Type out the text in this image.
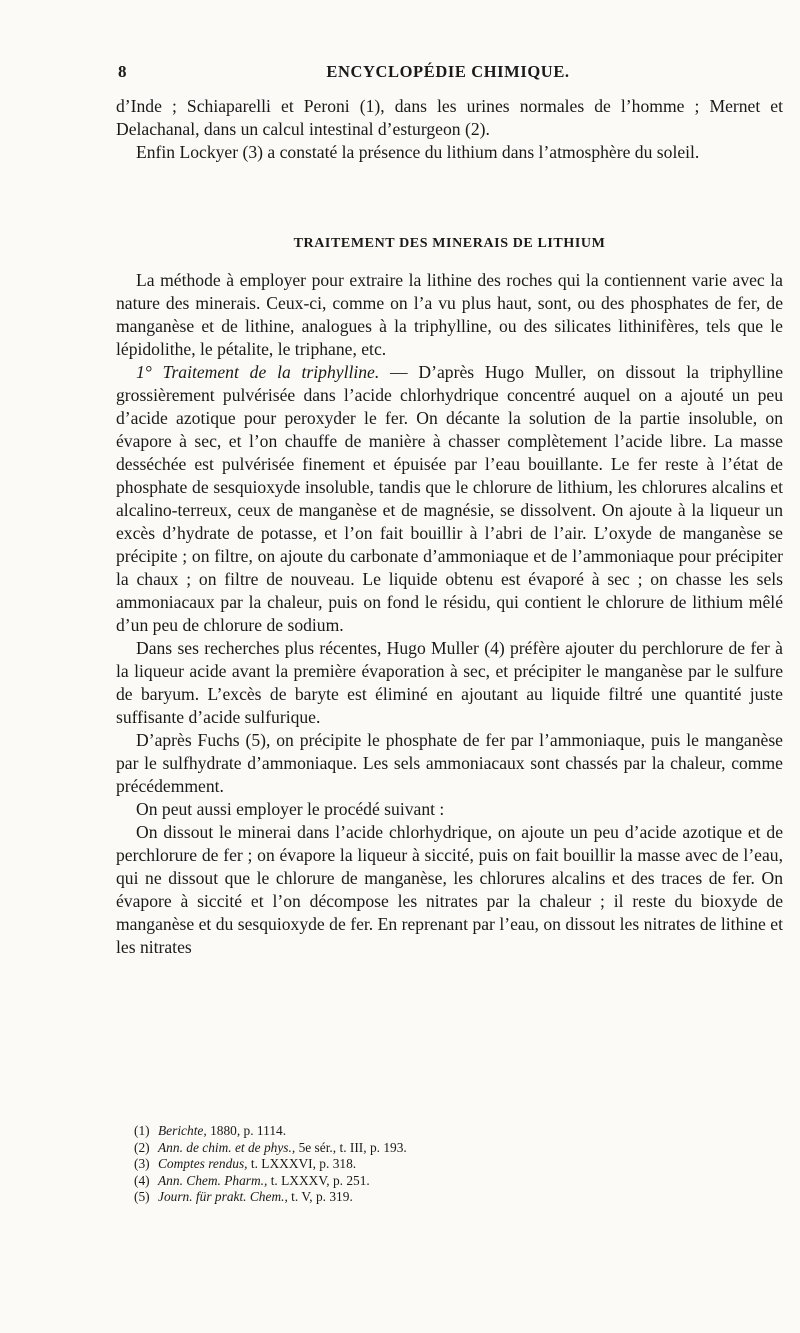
8	ENCYCLOPÉDIE CHIMIQUE.

d’Inde ; Schiaparelli et Peroni (1), dans les urines normales de l’homme ; Mernet et Delachanal, dans un calcul intestinal d’esturgeon (2).

Enfin Lockyer (3) a constaté la présence du lithium dans l’atmosphère du soleil.

TRAITEMENT DES MINERAIS DE LITHIUM

La méthode à employer pour extraire la lithine des roches qui la contiennent varie avec la nature des minerais. Ceux-ci, comme on l’a vu plus haut, sont, ou des phosphates de fer, de manganèse et de lithine, analogues à la triphylline, ou des silicates lithinifères, tels que le lépidolithe, le pétalite, le triphane, etc.

1° Traitement de la triphylline. — D’après Hugo Muller, on dissout la triphylline grossièrement pulvérisée dans l’acide chlorhydrique concentré auquel on a ajouté un peu d’acide azotique pour peroxyder le fer. On décante la solution de la partie insoluble, on évapore à sec, et l’on chauffe de manière à chasser complètement l’acide libre. La masse desséchée est pulvérisée finement et épuisée par l’eau bouillante. Le fer reste à l’état de phosphate de sesquioxyde insoluble, tandis que le chlorure de lithium, les chlorures alcalins et alcalino-terreux, ceux de manganèse et de magnésie, se dissolvent. On ajoute à la liqueur un excès d’hydrate de potasse, et l’on fait bouillir à l’abri de l’air. L’oxyde de manganèse se précipite ; on filtre, on ajoute du carbonate d’ammoniaque et de l’ammoniaque pour précipiter la chaux ; on filtre de nouveau. Le liquide obtenu est évaporé à sec ; on chasse les sels ammoniacaux par la chaleur, puis on fond le résidu, qui contient le chlorure de lithium mêlé d’un peu de chlorure de sodium.

Dans ses recherches plus récentes, Hugo Muller (4) préfère ajouter du perchlorure de fer à la liqueur acide avant la première évaporation à sec, et précipiter le manganèse par le sulfure de baryum. L’excès de baryte est éliminé en ajoutant au liquide filtré une quantité juste suffisante d’acide sulfurique.

D’après Fuchs (5), on précipite le phosphate de fer par l’ammoniaque, puis le manganèse par le sulfhydrate d’ammoniaque. Les sels ammoniacaux sont chassés par la chaleur, comme précédemment.

On peut aussi employer le procédé suivant :

On dissout le minerai dans l’acide chlorhydrique, on ajoute un peu d’acide azotique et de perchlorure de fer ; on évapore la liqueur à siccité, puis on fait bouillir la masse avec de l’eau, qui ne dissout que le chlorure de manganèse, les chlorures alcalins et des traces de fer. On évapore à siccité et l’on décompose les nitrates par la chaleur ; il reste du bioxyde de manganèse et du sesquioxyde de fer. En reprenant par l’eau, on dissout les nitrates de lithine et les nitrates

(1) Berichte, 1880, p. 1114.
(2) Ann. de chim. et de phys., 5e sér., t. III, p. 193.
(3) Comptes rendus, t. LXXXVI, p. 318.
(4) Ann. Chem. Pharm., t. LXXXV, p. 251.
(5) Journ. für prakt. Chem., t. V, p. 319.
